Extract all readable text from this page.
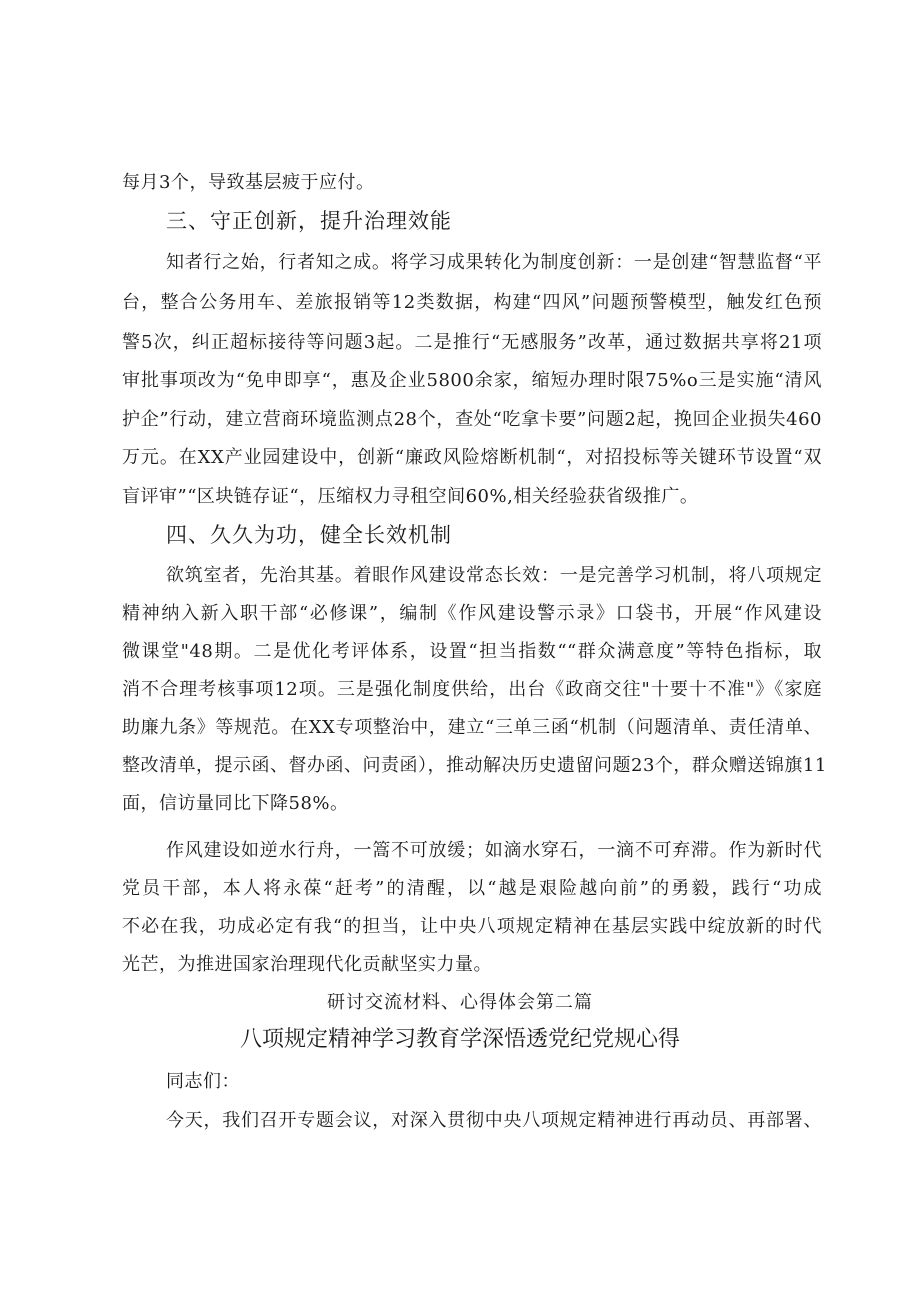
每月3个，导致基层疲于应付。
三、守正创新，提升治理效能
知者行之始，行者知之成。将学习成果转化为制度创新：一是创建“智慧监督“平
台，整合公务用车、差旅报销等12类数据，构建“四风”问题预警模型，触发红色预
警5次，纠正超标接待等问题3起。二是推行“无感服务”改革，通过数据共享将21项
审批事项改为“免申即享“，惠及企业5800余家，缩短办理时限75%o三是实施“清风
护企”行动，建立营商环境监测点28个，查处“吃拿卡要”问题2起，挽回企业损失460
万元。在XX产业园建设中，创新“廉政风险熔断机制“，对招投标等关键环节设置“双
盲评审”“区块链存证“，压缩权力寻租空间60%,相关经验获省级推广。
四、久久为功，健全长效机制
欲筑室者，先治其基。着眼作风建设常态长效：一是完善学习机制，将八项规定
精神纳入新入职干部“必修课”，编制《作风建设警示录》口袋书，开展“作风建设
微课堂"48期。二是优化考评体系，设置“担当指数““群众满意度”等特色指标，取
消不合理考核事项12项。三是强化制度供给，出台《政商交往"十要十不准"》《家庭
助廉九条》等规范。在XX专项整治中，建立“三单三函“机制（问题清单、责任清单、
整改清单，提示函、督办函、问责函），推动解决历史遗留问题23个，群众赠送锦旗11
面，信访量同比下降58%。
作风建设如逆水行舟，一篙不可放缓；如滴水穿石，一滴不可弃滞。作为新时代
党员干部，本人将永葆“赶考”的清醒，以“越是艰险越向前”的勇毅，践行“功成
不必在我，功成必定有我“的担当，让中央八项规定精神在基层实践中绽放新的时代
光芒，为推进国家治理现代化贡献坚实力量。
研讨交流材料、心得体会第二篇
八项规定精神学习教育学深悟透党纪党规心得
同志们：
今天，我们召开专题会议，对深入贯彻中央八项规定精神进行再动员、再部署、
